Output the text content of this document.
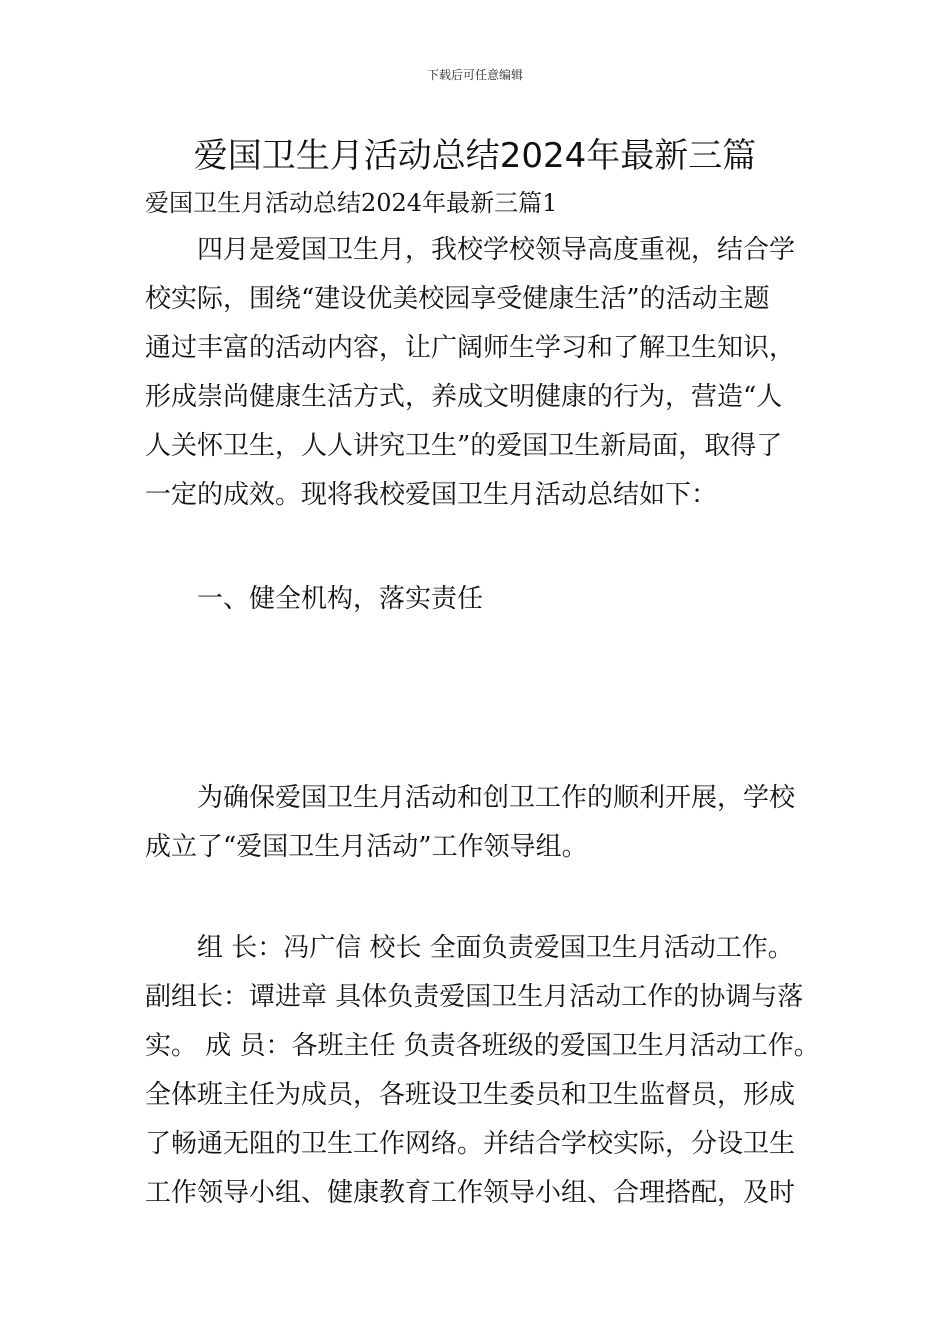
下载后可任意编辑
爱国卫生月活动总结2024年最新三篇
爱国卫生月活动总结2024年最新三篇1
四月是爱国卫生月，我校学校领导高度重视，结合学
校实际，围绕“建设优美校园享受健康生活”的活动主题
通过丰富的活动内容，让广阔师生学习和了解卫生知识，
形成崇尚健康生活方式，养成文明健康的行为，营造“人
人关怀卫生，人人讲究卫生”的爱国卫生新局面，取得了
一定的成效。现将我校爱国卫生月活动总结如下：
一、健全机构，落实责任
为确保爱国卫生月活动和创卫工作的顺利开展，学校
成立了“爱国卫生月活动”工作领导组。
组 长：冯广信 校长 全面负责爱国卫生月活动工作。
副组长：谭进章 具体负责爱国卫生月活动工作的协调与落
实。 成 员：各班主任 负责各班级的爱国卫生月活动工作。
全体班主任为成员，各班设卫生委员和卫生监督员，形成
了畅通无阻的卫生工作网络。并结合学校实际，分设卫生
工作领导小组、健康教育工作领导小组、合理搭配，及时
